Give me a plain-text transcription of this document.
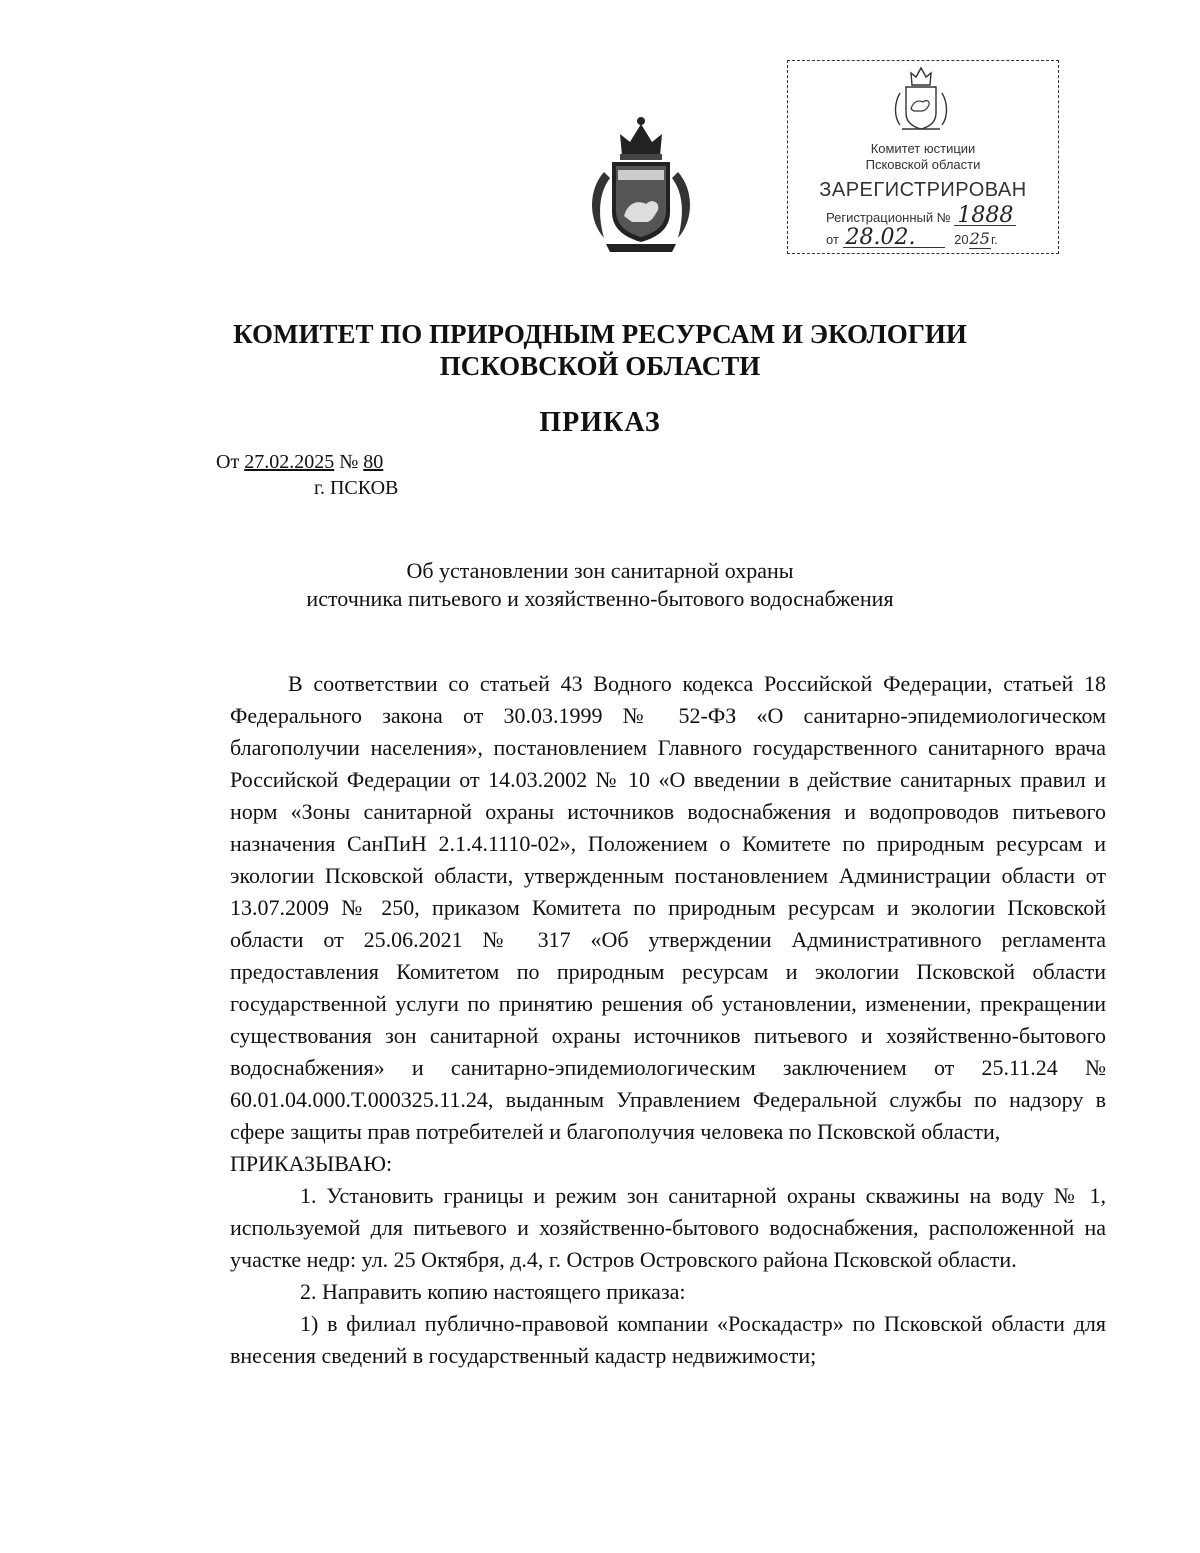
Комитет юстиции
Псковской области
ЗАРЕГИСТРИРОВАН
Регистрационный № 1888
от 28.02.	2025г.
КОМИТЕТ ПО ПРИРОДНЫМ РЕСУРСАМ И ЭКОЛОГИИ
ПСКОВСКОЙ ОБЛАСТИ
ПРИКАЗ
От 27.02.2025 № 80
г. ПСКОВ
Об установлении зон санитарной охраны
источника питьевого и хозяйственно-бытового водоснабжения

В соответствии со статьей 43 Водного кодекса Российской Федерации, статьей 18 Федерального закона от 30.03.1999 № 52-ФЗ «О санитарно-эпидемиологическом благополучии населения», постановлением Главного государственного санитарного врача Российской Федерации от 14.03.2002 № 10 «О введении в действие санитарных правил и норм «Зоны санитарной охраны источников водоснабжения и водопроводов питьевого назначения СанПиН 2.1.4.1110-02», Положением о Комитете по природным ресурсам и экологии Псковской области, утвержденным постановлением Администрации области от 13.07.2009 № 250, приказом Комитета по природным ресурсам и экологии Псковской области от 25.06.2021 № 317 «Об утверждении Административного регламента предоставления Комитетом по природным ресурсам и экологии Псковской области государственной услуги по принятию решения об установлении, изменении, прекращении существования зон санитарной охраны источников питьевого и хозяйственно-бытового водоснабжения» и санитарно-эпидемиологическим заключением от 25.11.24 № 60.01.04.000.Т.000325.11.24, выданным Управлением Федеральной службы по надзору в сфере защиты прав потребителей и благополучия человека по Псковской области,

ПРИКАЗЫВАЮ:

1. Установить границы и режим зон санитарной охраны скважины на воду № 1, используемой для питьевого и хозяйственно-бытового водоснабжения, расположенной на участке недр: ул. 25 Октября, д.4, г. Остров Островского района Псковской области.

2. Направить копию настоящего приказа:

1) в филиал публично-правовой компании «Роскадастр» по Псковской области для внесения сведений в государственный кадастр недвижимости;
